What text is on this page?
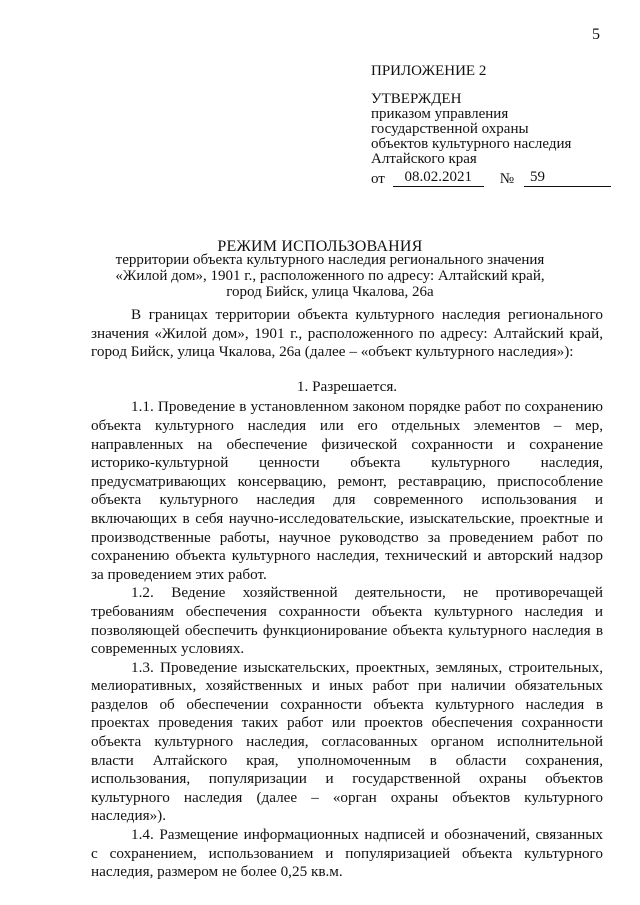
5
ПРИЛОЖЕНИЕ 2
УТВЕРЖДЕН
приказом управления
государственной охраны
объектов культурного наследия
Алтайского края
от	08.02.2021	№	59
РЕЖИМ ИСПОЛЬЗОВАНИЯ
территории объекта культурного наследия регионального значения
«Жилой дом», 1901 г., расположенного по адресу: Алтайский край,
город Бийск, улица Чкалова, 26а

В границах территории объекта культурного наследия регионального значения «Жилой дом», 1901 г., расположенного по адресу: Алтайский край, город Бийск, улица Чкалова, 26а (далее – «объект культурного наследия»):

1. Разрешается.

1.1. Проведение в установленном законом порядке работ по сохранению объекта культурного наследия или его отдельных элементов – мер, направленных на обеспечение физической сохранности и сохранение историко-культурной ценности объекта культурного наследия, предусматривающих консервацию, ремонт, реставрацию, приспособление объекта культурного наследия для современного использования и включающих в себя научно-исследовательские, изыскательские, проектные и производственные работы, научное руководство за проведением работ по сохранению объекта культурного наследия, технический и авторский надзор за проведением этих работ.

1.2. Ведение хозяйственной деятельности, не противоречащей требованиям обеспечения сохранности объекта культурного наследия и позволяющей обеспечить функционирование объекта культурного наследия в современных условиях.

1.3. Проведение изыскательских, проектных, земляных, строительных, мелиоративных, хозяйственных и иных работ при наличии обязательных разделов об обеспечении сохранности объекта культурного наследия в проектах проведения таких работ или проектов обеспечения сохранности объекта культурного наследия, согласованных органом исполнительной власти Алтайского края, уполномоченным в области сохранения, использования, популяризации и государственной охраны объектов культурного наследия (далее – «орган охраны объектов культурного наследия»).

1.4. Размещение информационных надписей и обозначений, связанных с сохранением, использованием и популяризацией объекта культурного наследия, размером не более 0,25 кв.м.
